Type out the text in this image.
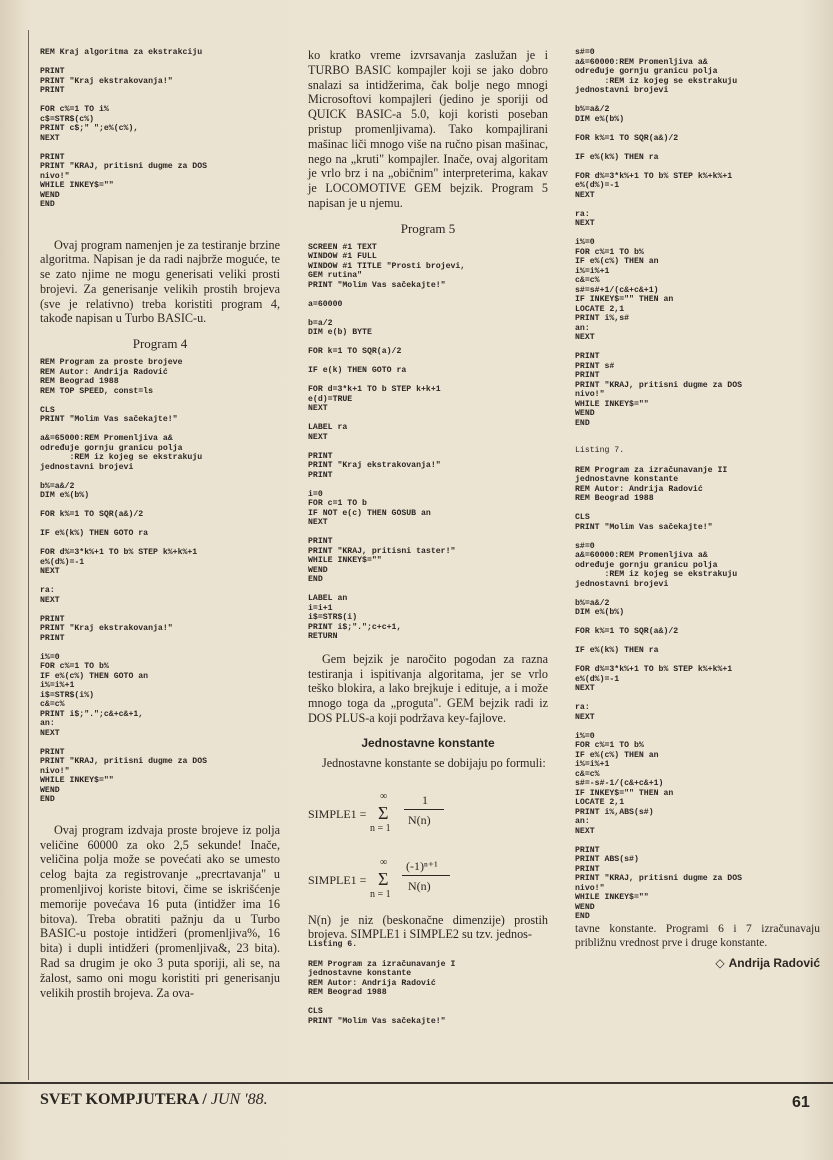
REM Kraj algoritma za ekstrakciju

PRINT
PRINT "Kraj ekstrakovanja!"
PRINT

FOR c%=1 TO i%
c$=STR$(c%)
PRINT c$;" ";e%(c%),
NEXT

PRINT
PRINT "KRAJ, pritisni dugme za DOS
nivo!"
WHILE INKEY$=""
WEND
END

Ovaj program namenjen je za testiranje brzine algoritma. Napisan je da radi najbrže moguće, te se zato njime ne mogu generisati veliki prosti brojevi. Za generisanje velikih prostih brojeva (sve je relativno) treba koristiti program 4, takođe napisan u Turbo BASIC-u.

Program 4
REM Program za proste brojeve
REM Autor: Andrija Radović
REM Beograd 1988
REM TOP SPEED, const=ls

CLS
PRINT "Molim Vas sačekajte!"

a&=65000:REM Promenljiva a&
određuje gornju granicu polja
:REM iz kojeg se ekstrakuju
jednostavni brojevi

b%=a&/2
DIM e%(b%)

FOR k%=1 TO SQR(a&)/2

IF e%(k%) THEN GOTO ra

FOR d%=3*k%+1 TO b% STEP k%+k%+1
e%(d%)=-1
NEXT

ra:
NEXT

PRINT
PRINT "Kraj ekstrakovanja!"
PRINT

i%=0
FOR c%=1 TO b%
IF e%(c%) THEN GOTO an
i%=i%+1
i$=STR$(i%)
c&=c%
PRINT i$;".";c&+c&+1,
an:
NEXT

PRINT
PRINT "KRAJ, pritisni dugme za DOS
nivo!"
WHILE INKEY$=""
WEND
END

Ovaj program izdvaja proste brojeve iz polja veličine 60000 za oko 2,5 sekunde! Inače, veličina polja može se povećati ako se umesto celog bajta za registrovanje „precrtavanja" u promenljivoj koriste bitovi, čime se iskrišćenje memorije povećava 16 puta (intidžer ima 16 bitova). Treba obratiti pažnju da u Turbo BASIC-u postoje intidžeri (promenljiva%, 16 bita) i dupli intidžeri (promenljiva&, 23 bita). Rad sa drugim je oko 3 puta sporiji, ali se, na žalost, samo oni mogu koristiti pri generisanju velikih prostih brojeva. Za ova-

ko kratko vreme izvrsavanja zaslužan je i TURBO BASIC kompajler koji se jako dobro snalazi sa intidžerima, čak bolje nego mnogi Microsoftovi kompajleri (jedino je sporiji od QUICK BASIC-a 5.0, koji koristi poseban pristup promenljivama). Tako kompajlirani mašinac liči mnogo više na ručno pisan mašinac, nego na „kruti" kompajler. Inače, ovaj algoritam je vrlo brz i na „običnim" interpreterima, kakav je LOCOMOTIVE GEM bejzik. Program 5 napisan je u njemu.

Program 5
SCREEN #1 TEXT
WINDOW #1 FULL
WINDOW #1 TITLE "Prosti brojevi,
GEM rutina"
PRINT "Molim Vas sačekajte!"

a=60000

b=a/2
DIM e(b) BYTE

FOR k=1 TO SQR(a)/2

IF e(k) THEN GOTO ra

FOR d=3*k+1 TO b STEP k+k+1
e(d)=TRUE
NEXT

LABEL ra
NEXT

PRINT
PRINT "Kraj ekstrakovanja!"
PRINT

i=0
FOR c=1 TO b
IF NOT e(c) THEN GOSUB an
NEXT

PRINT
PRINT "KRAJ, pritisni taster!"
WHILE INKEY$=""
WEND
END

LABEL an
i=i+1
i$=STR$(i)
PRINT i$;".";c+c+1,
RETURN

Gem bejzik je naročito pogodan za razna testiranja i ispitivanja algoritama, jer se vrlo teško blokira, a lako brejkuje i edituje, a i može mnogo toga da „proguta". GEM bejzik radi iz DOS PLUS-a koji podržava key-fajlove.

Jednostavne konstante

Jednostavne konstante se dobijaju po formuli:

SIMPLE1 =
∞
Σ
n = 1
1
N(n)
SIMPLE1 =
∞
Σ
n = 1
(-1)ⁿ⁺¹
N(n)

N(n) je niz (beskonačne dimenzije) prostih brojeva. SIMPLE1 i SIMPLE2 su tzv. jednos-

Listing 6.
REM Program za izračunavanje I
jednostavne konstante
REM Autor: Andrija Radović
REM Beograd 1988

CLS
PRINT "Molim Vas sačekajte!"
s#=0
a&=60000:REM Promenljiva a&
određuje gornju granicu polja
:REM iz kojeg se ekstrakuju
jednostavni brojevi

b%=a&/2
DIM e%(b%)

FOR k%=1 TO SQR(a&)/2

IF e%(k%) THEN ra

FOR d%=3*k%+1 TO b% STEP k%+k%+1
e%(d%)=-1
NEXT

ra:
NEXT

i%=0
FOR c%=1 TO b%
IF e%(c%) THEN an
i%=i%+1
c&=c%
s#=s#+1/(c&+c&+1)
IF INKEY$="" THEN an
LOCATE 2,1
PRINT i%,s#
an:
NEXT

PRINT
PRINT s#
PRINT
PRINT "KRAJ, pritisni dugme za DOS
nivo!"
WHILE INKEY$=""
WEND
END
Listing 7.
REM Program za izračunavanje II
jednostavne konstante
REM Autor: Andrija Radović
REM Beograd 1988

CLS
PRINT "Molim Vas sačekajte!"

s#=0
a&=60000:REM Promenljiva a&
određuje gornju granicu polja
:REM iz kojeg se ekstrakuju
jednostavni brojevi

b%=a&/2
DIM e%(b%)

FOR k%=1 TO SQR(a&)/2

IF e%(k%) THEN ra

FOR d%=3*k%+1 TO b% STEP k%+k%+1
e%(d%)=-1
NEXT

ra:
NEXT

i%=0
FOR c%=1 TO b%
IF e%(c%) THEN an
i%=i%+1
c&=c%
s#=-s#-1/(c&+c&+1)
IF INKEY$="" THEN an
LOCATE 2,1
PRINT i%,ABS(s#)
an:
NEXT

PRINT
PRINT ABS(s#)
PRINT
PRINT "KRAJ, pritisni dugme za DOS
nivo!"
WHILE INKEY$=""
WEND
END

tavne konstante. Programi 6 i 7 izračunavaju približnu vrednost prve i druge konstante.

◇ Andrija Radović
SVET KOMPJUTERA / JUN '88.	61
